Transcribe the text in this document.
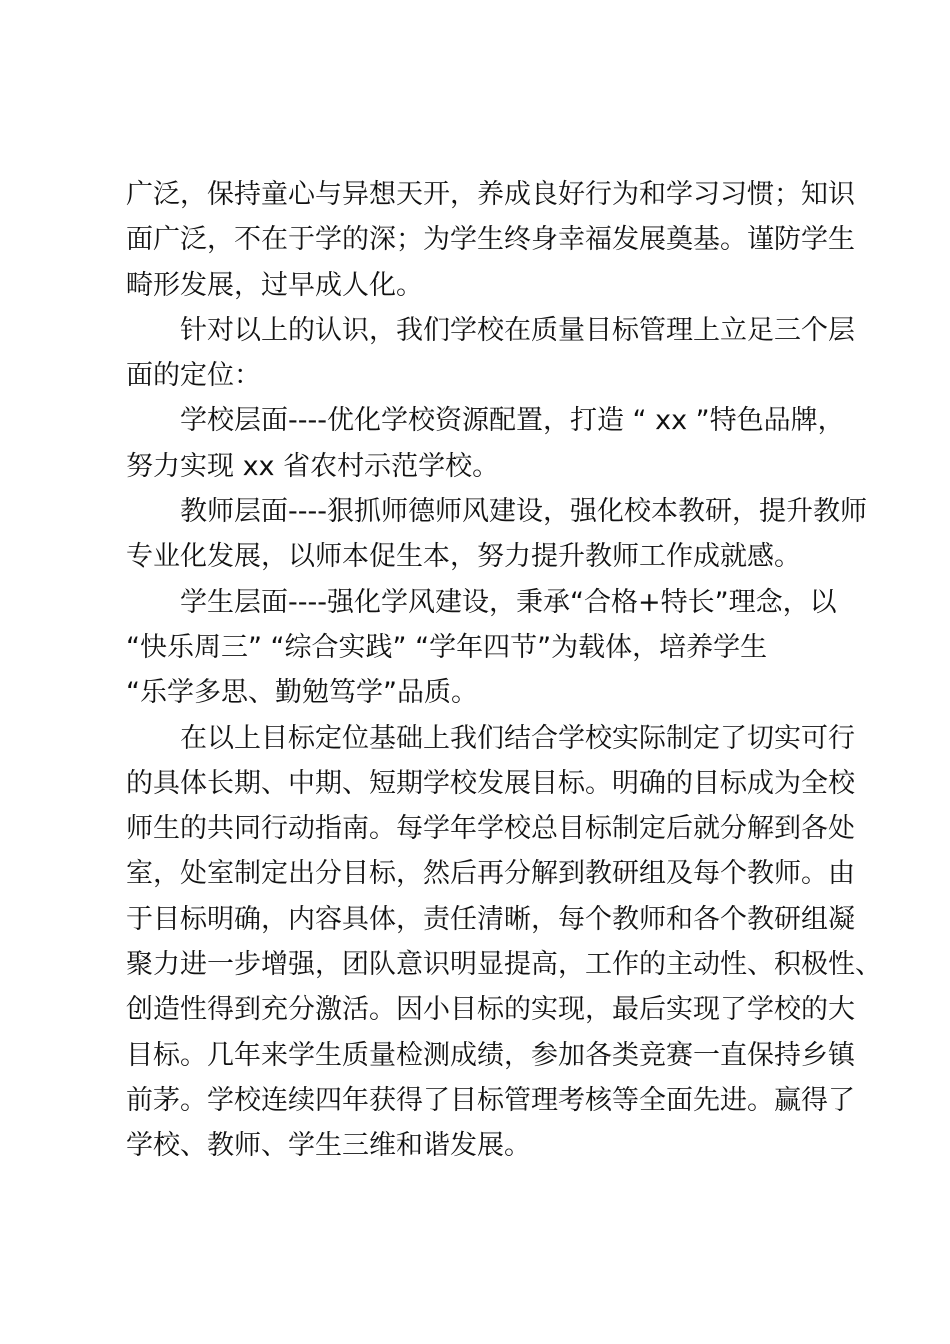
广泛，保持童心与异想天开，养成良好行为和学习习惯；知识
面广泛，不在于学的深；为学生终身幸福发展奠基。谨防学生
畸形发展，过早成人化。
针对以上的认识，我们学校在质量目标管理上立足三个层
面的定位：
学校层面----优化学校资源配置，打造 “ xx ”特色品牌，
努力实现 xx 省农村示范学校。
教师层面----狠抓师德师风建设，强化校本教研，提升教师
专业化发展，以师本促生本，努力提升教师工作成就感。
学生层面----强化学风建设，秉承“合格+特长”理念，以
“快乐周三” “综合实践” “学年四节”为载体，培养学生
“乐学多思、勤勉笃学”品质。
在以上目标定位基础上我们结合学校实际制定了切实可行
的具体长期、中期、短期学校发展目标。明确的目标成为全校
师生的共同行动指南。每学年学校总目标制定后就分解到各处
室，处室制定出分目标，然后再分解到教研组及每个教师。由
于目标明确，内容具体，责任清晰，每个教师和各个教研组凝
聚力进一步增强，团队意识明显提高，工作的主动性、积极性、
创造性得到充分激活。因小目标的实现，最后实现了学校的大
目标。几年来学生质量检测成绩，参加各类竞赛一直保持乡镇
前茅。学校连续四年获得了目标管理考核等全面先进。赢得了
学校、教师、学生三维和谐发展。
